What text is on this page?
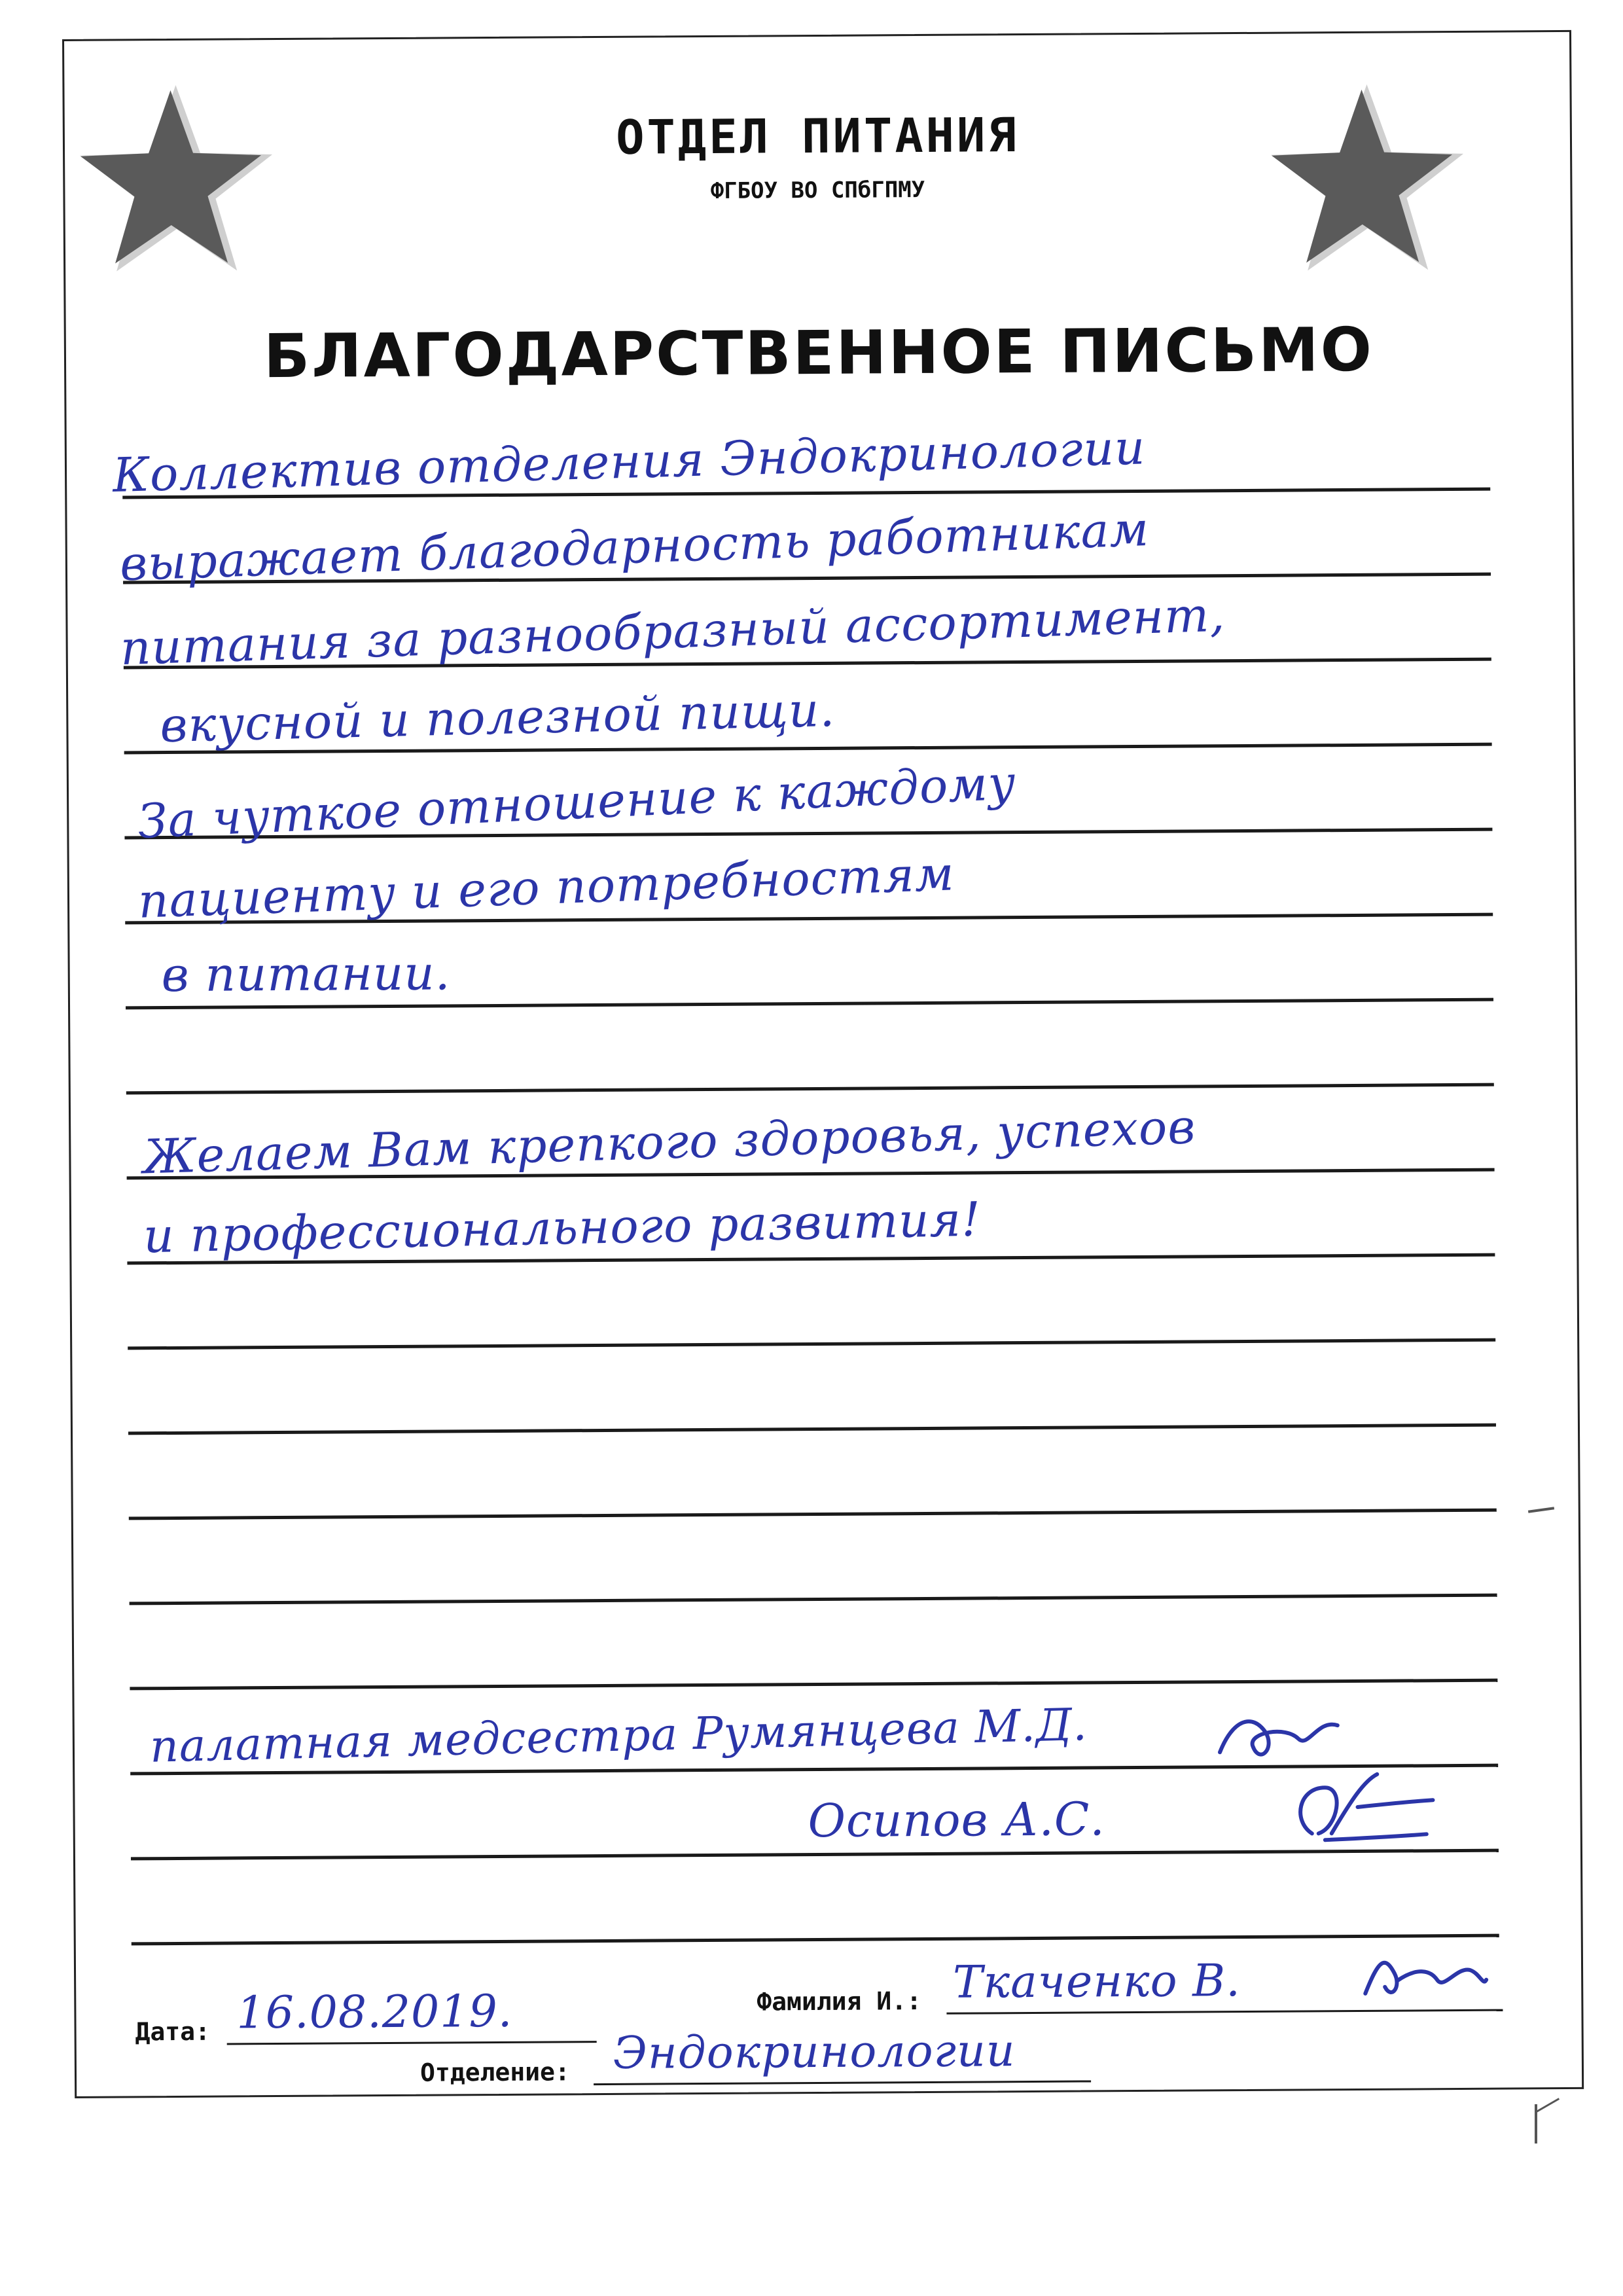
ОТДЕЛ ПИТАНИЯ
ФГБОУ ВО СПбГПМУ
БЛАГОДАРСТВЕННОЕ ПИСЬМО
Коллектив отделения Эндокринологии
выражает благодарность работникам
питания за разнообразный ассортимент,
вкусной и полезной пищи.
За чуткое отношение к каждому
пациенту и его потребностям
в питании.
Желаем Вам крепкого здоровья, успехов
и профессионального развития!
палатная медсестра Румянцева М.Д.
Осипов А.С.
Дата: 16.08.2019.	Фамилия И.: Ткаченко В.
Отделение: Эндокринологии
